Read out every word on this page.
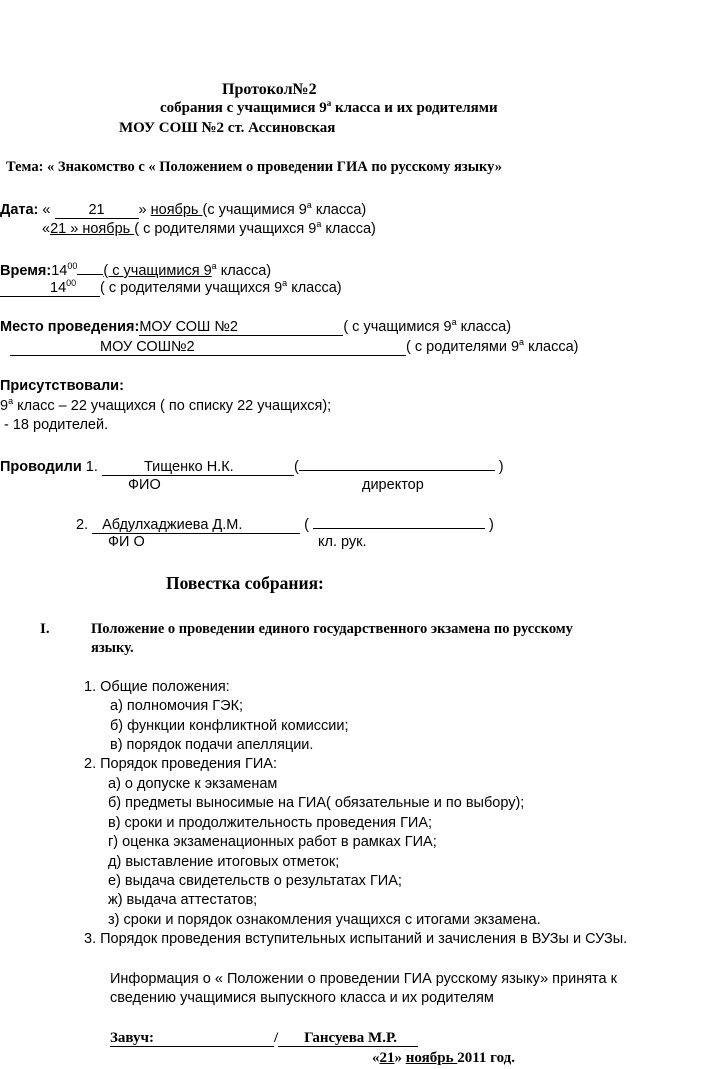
Протокол№2
собрания с учащимися $9^а$ класса и их родителями
МОУ СОШ №2 ст. Ассиновская
Тема: « Знакомство с « Положением о проведении ГИА по русскому языку»
Дата: «	21 » ноябрь (с учащимися $9^а$ класса)
«21 » ноябрь ( с родителями учащихся $9^а$ класса)
$Время:14^{00}$ ( с учащимися $9^а$ класса)
$14^{00}$ ( с родителями учащихся $9^а$ класса)
Место проведения:МОУ СОШ №2	( с учащимися $9^а$ класса)
МОУ СОШ№2	( с родителями $9^а$ класса)
Присутствовали:
$9^а$ класс – 22 учащихся ( по списку 22 учащихся);
- 18 родителей.
Проводили 1.	Тищенко Н.К.	(	)
ФИО	директор
2. Абдулхаджиева Д.М.	(	)
ФИ О	кл. рук.
Повестка собрания:
I.	Положение о проведении единого государственного экзамена по русскому
языку.
1. Общие положения:
а) полномочия ГЭК;
б) функции конфликтной комиссии;
в) порядок подачи апелляции.
2. Порядок проведения ГИА:
а) о допуске к экзаменам
б) предметы выносимые на ГИА( обязательные и по выбору);
в) сроки и продолжительность проведения ГИА;
г) оценка экзаменационных работ в рамках ГИА;
д) выставление итоговых отметок;
е) выдача свидетельств о результатах ГИА;
ж) выдача аттестатов;
з) сроки и порядок ознакомления учащихся с итогами экзамена.
3. Порядок проведения вступительных испытаний и зачисления в ВУЗы и СУЗы.
Информация о « Положении о проведении ГИА русскому языку» принята к
сведению учащимися выпускного класса и их родителям
Завуч:	/ Гансуева М.Р.
«21» ноябрь 2011 год.
